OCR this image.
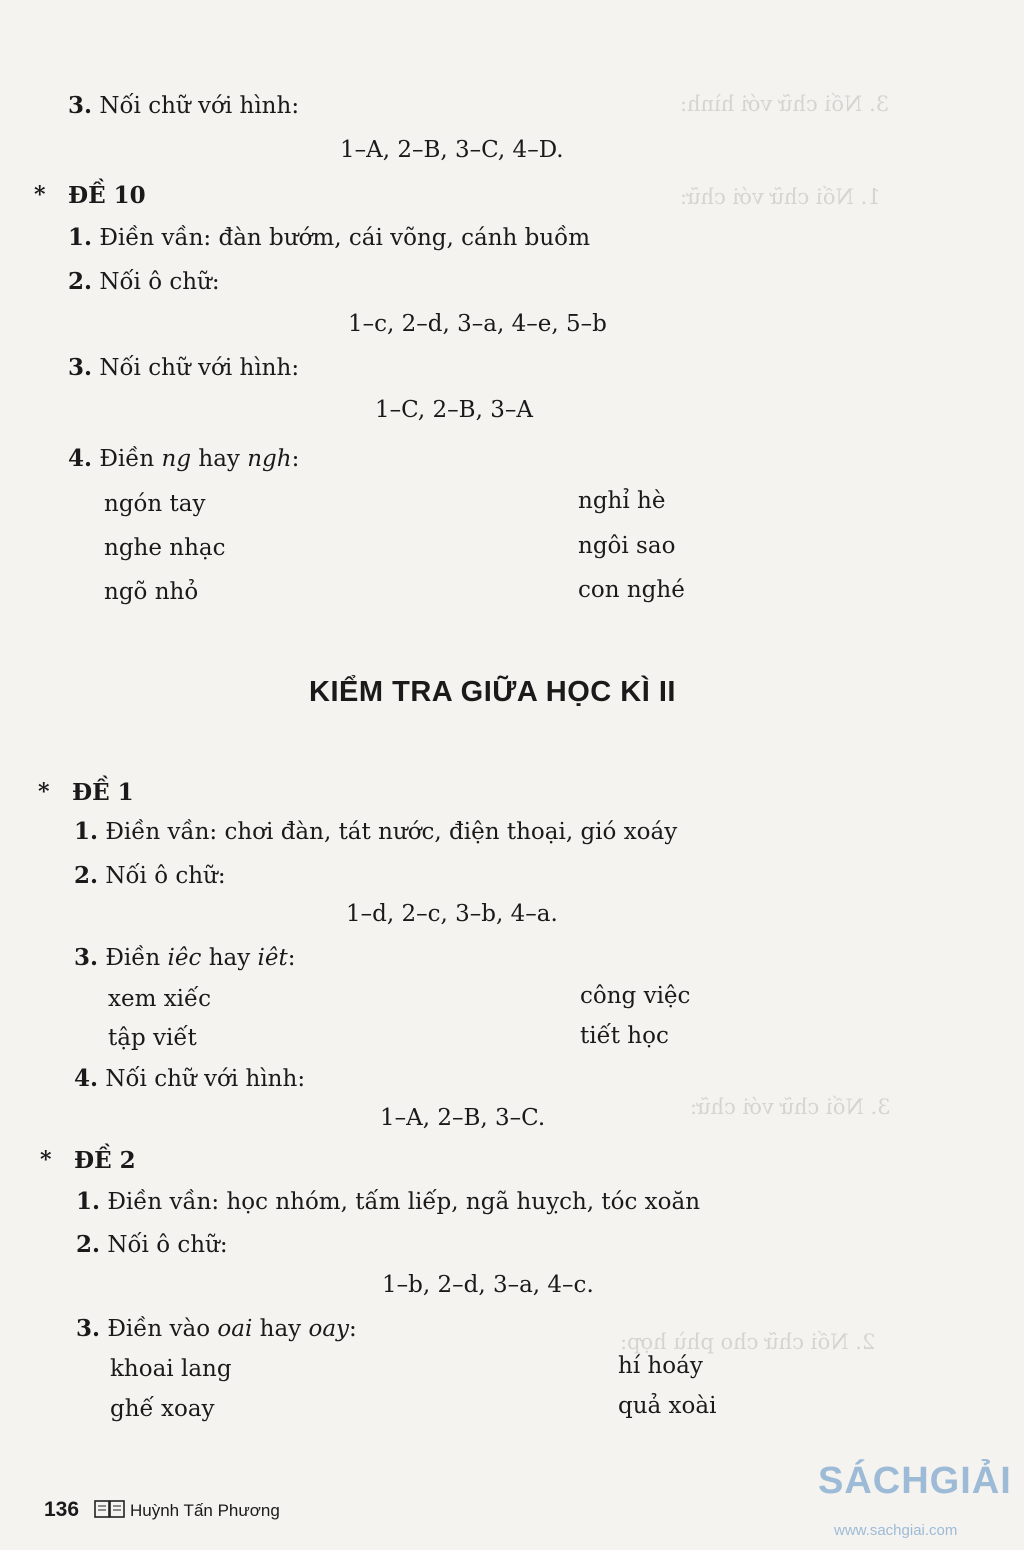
3. Nối chữ với hình:
1. Nối chữ với chữ:
3. Nối chữ với chữ:
2. Nối chữ cho phù hợp:
3. Nối chữ với hình:
1–A, 2–B, 3–C, 4–D.
* ĐỀ 10
1. Điền vần: đàn bướm, cái võng, cánh buồm
2. Nối ô chữ:
1–c, 2–d, 3–a, 4–e, 5–b
3. Nối chữ với hình:
1–C, 2–B, 3–A
4. Điền ng hay ngh:
ngón tay
nghe nhạc
ngõ nhỏ
nghỉ hè
ngôi sao
con nghé
KIỂM TRA GIỮA HỌC KÌ II
* ĐỀ 1
1. Điền vần: chơi đàn, tát nước, điện thoại, gió xoáy
2. Nối ô chữ:
1–d, 2–c, 3–b, 4–a.
3. Điền iêc hay iêt:
xem xiếc
tập viết
công việc
tiết học
4. Nối chữ với hình:
1–A, 2–B, 3–C.
* ĐỀ 2
1. Điền vần: học nhóm, tấm liếp, ngã huỵch, tóc xoăn
2. Nối ô chữ:
1–b, 2–d, 3–a, 4–c.
3. Điền vào oai hay oay:
khoai lang
ghế xoay
hí hoáy
quả xoài
136	Huỳnh Tấn Phương
SÁCHGIẢI
www.sachgiai.com
